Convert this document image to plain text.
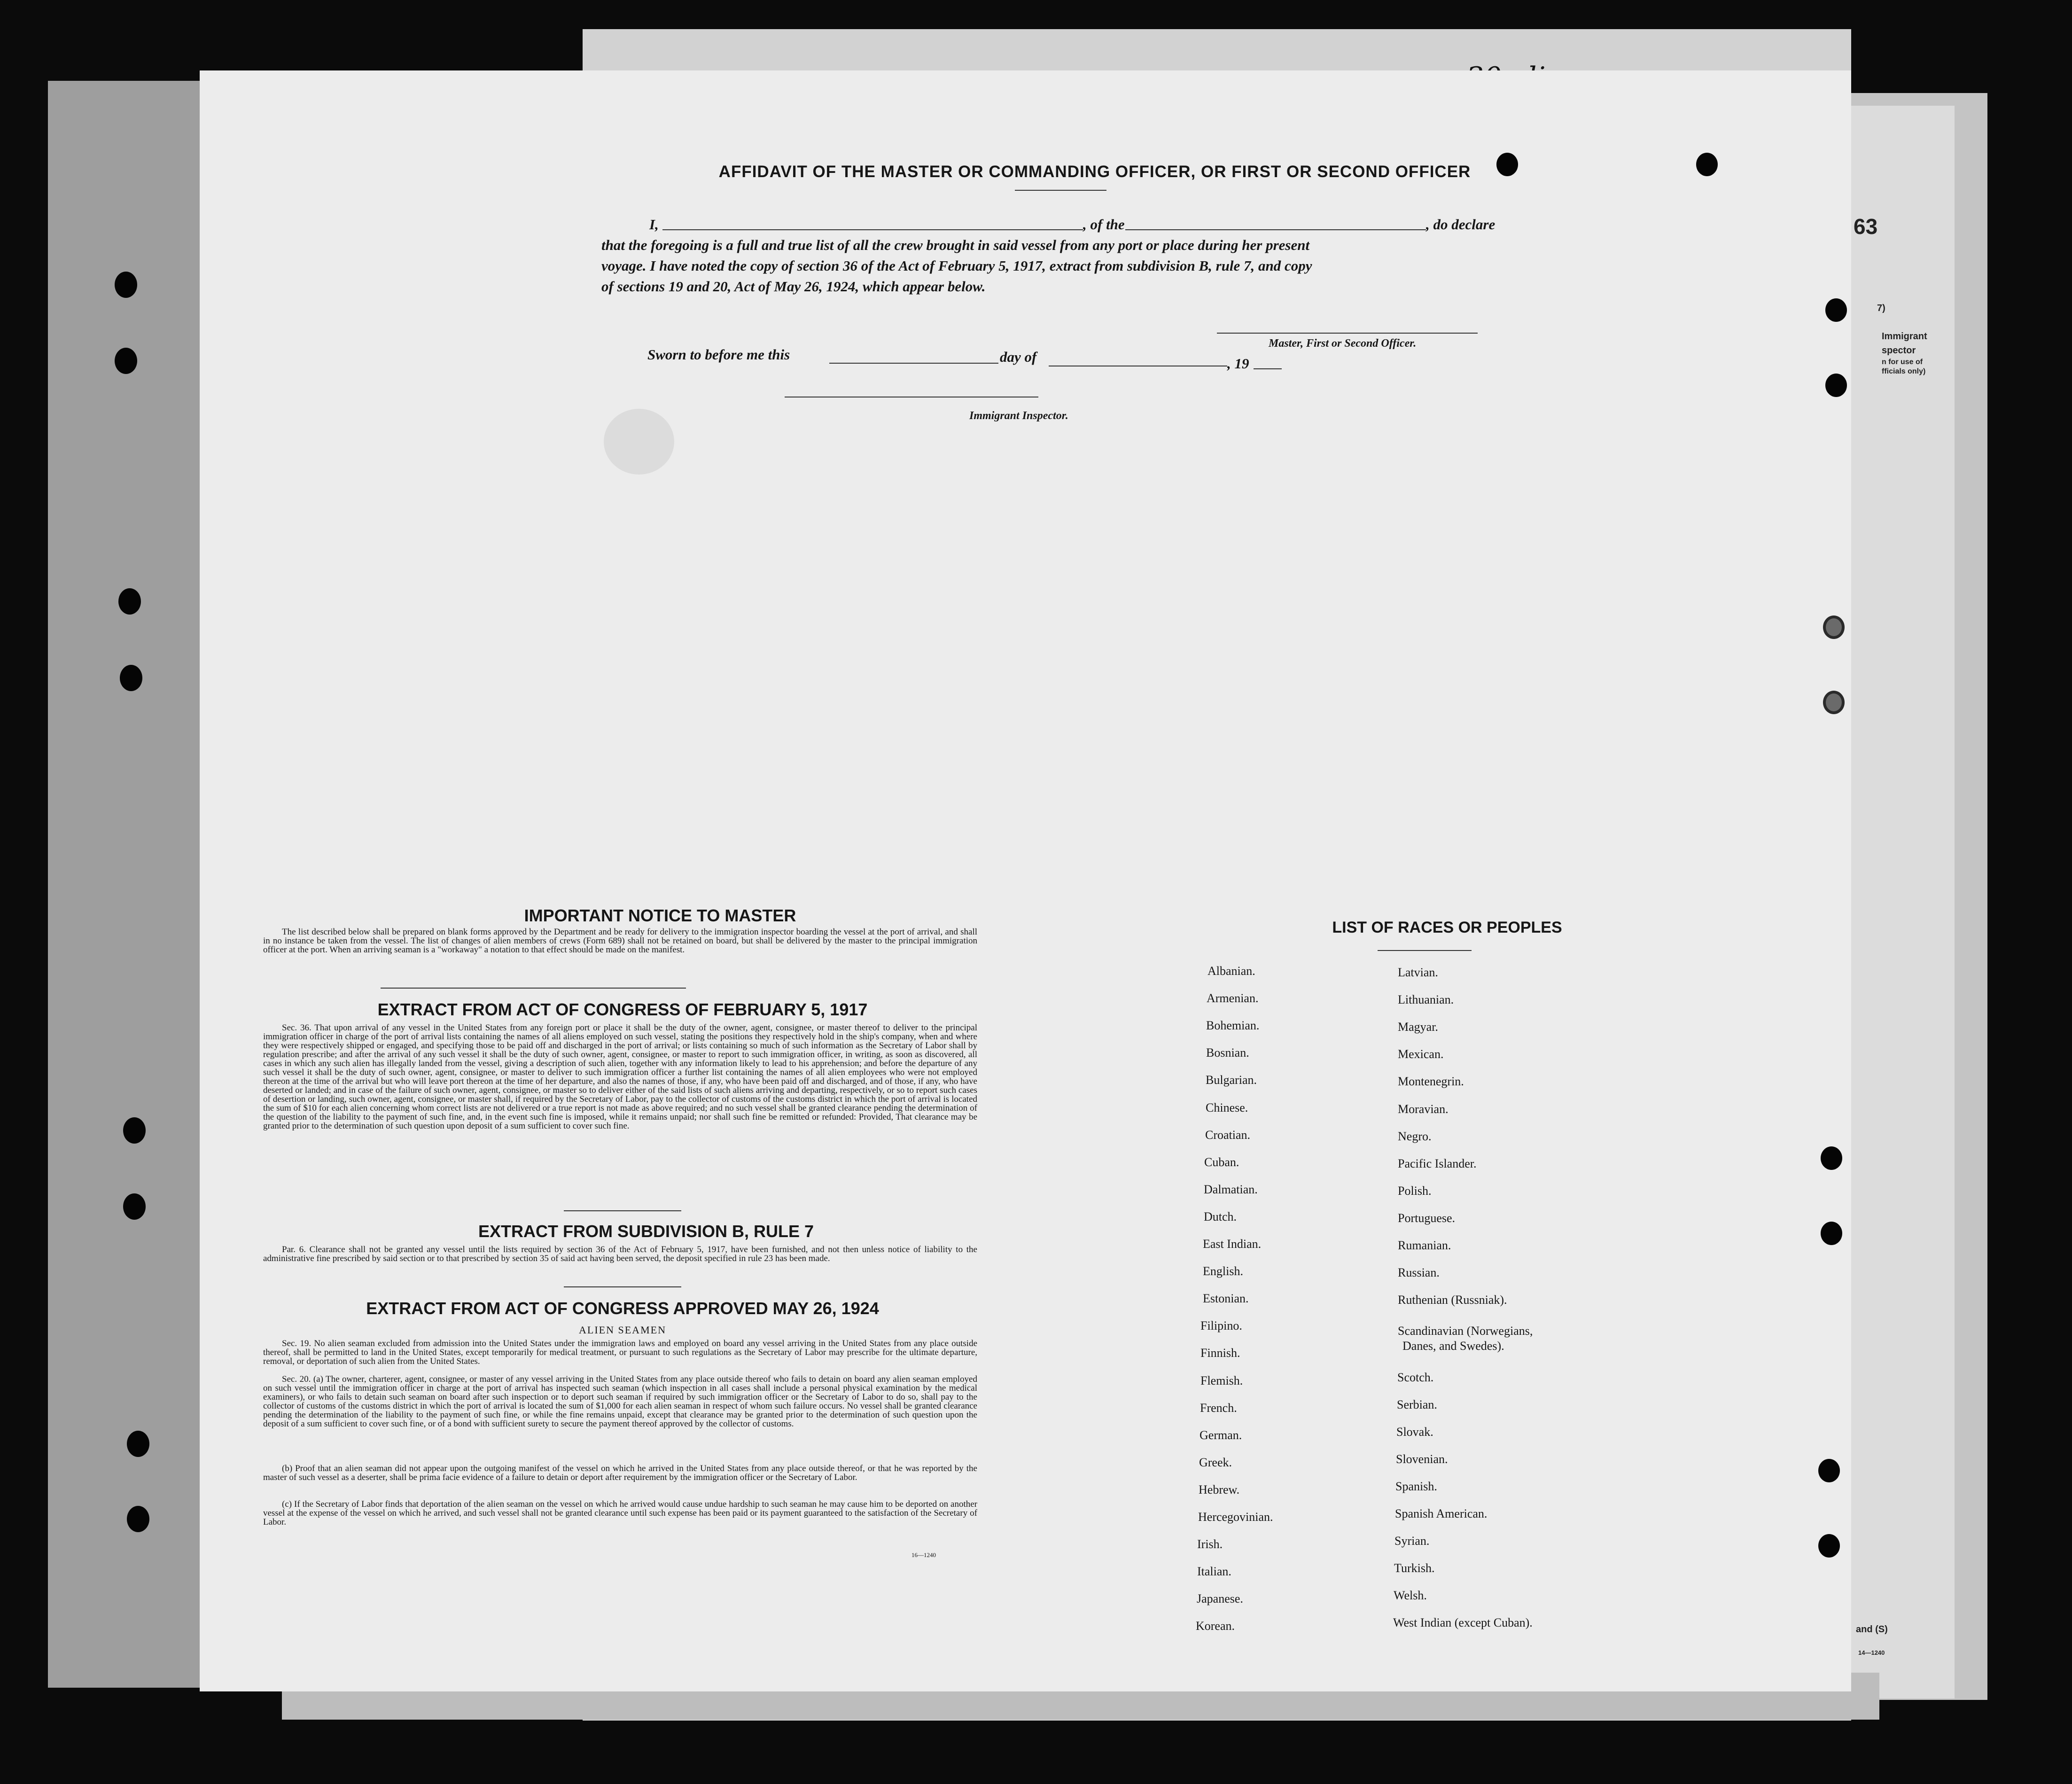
63
7)
Immigrant
spector
n for use of
fficials only)
and (S)
14—1240
AFFIDAVIT OF THE MASTER OR COMMANDING OFFICER, OR FIRST OR SECOND OFFICER
I,	, of the	, do declare
that the foregoing is a full and true list of all the crew brought in said vessel from any port or place during her present
voyage. I have noted the copy of section 36 of the Act of February 5, 1917, extract from subdivision B, rule 7, and copy
of sections 19 and 20, Act of May 26, 1924, which appear below.
Master, First or Second Officer.
Sworn to before me this	day of	, 19
Immigrant Inspector.
IMPORTANT NOTICE TO MASTER
The list described below shall be prepared on blank forms approved by the Department and be ready for delivery to the immigration inspector boarding the vessel at the port of arrival, and shall in no instance be taken from the vessel. The list of changes of alien members of crews (Form 689) shall not be retained on board, but shall be delivered by the master to the principal immigration officer at the port. When an arriving seaman is a "workaway" a notation to that effect should be made on the manifest.
EXTRACT FROM ACT OF CONGRESS OF FEBRUARY 5, 1917
Sec. 36. That upon arrival of any vessel in the United States from any foreign port or place it shall be the duty of the owner, agent, consignee, or master thereof to deliver to the principal immigration officer in charge of the port of arrival lists containing the names of all aliens employed on such vessel, stating the positions they respectively hold in the ship's company, when and where they were respectively shipped or engaged, and specifying those to be paid off and discharged in the port of arrival; or lists containing so much of such information as the Secretary of Labor shall by regulation prescribe; and after the arrival of any such vessel it shall be the duty of such owner, agent, consignee, or master to report to such immigration officer, in writing, as soon as discovered, all cases in which any such alien has illegally landed from the vessel, giving a description of such alien, together with any information likely to lead to his apprehension; and before the departure of any such vessel it shall be the duty of such owner, agent, consignee, or master to deliver to such immigration officer a further list containing the names of all alien employees who were not employed thereon at the time of the arrival but who will leave port thereon at the time of her departure, and also the names of those, if any, who have been paid off and discharged, and of those, if any, who have deserted or landed; and in case of the failure of such owner, agent, consignee, or master so to deliver either of the said lists of such aliens arriving and departing, respectively, or so to report such cases of desertion or landing, such owner, agent, consignee, or master shall, if required by the Secretary of Labor, pay to the collector of customs of the customs district in which the port of arrival is located the sum of $10 for each alien concerning whom correct lists are not delivered or a true report is not made as above required; and no such vessel shall be granted clearance pending the determination of the question of the liability to the payment of such fine, and, in the event such fine is imposed, while it remains unpaid; nor shall such fine be remitted or refunded: Provided, That clearance may be granted prior to the determination of such question upon deposit of a sum sufficient to cover such fine.
EXTRACT FROM SUBDIVISION B, RULE 7
Par. 6. Clearance shall not be granted any vessel until the lists required by section 36 of the Act of February 5, 1917, have been furnished, and not then unless notice of liability to the administrative fine prescribed by said section or to that prescribed by section 35 of said act having been served, the deposit specified in rule 23 has been made.
EXTRACT FROM ACT OF CONGRESS APPROVED MAY 26, 1924
ALIEN SEAMEN
Sec. 19. No alien seaman excluded from admission into the United States under the immigration laws and employed on board any vessel arriving in the United States from any place outside thereof, shall be permitted to land in the United States, except temporarily for medical treatment, or pursuant to such regulations as the Secretary of Labor may prescribe for the ultimate departure, removal, or deportation of such alien from the United States.
Sec. 20. (a) The owner, charterer, agent, consignee, or master of any vessel arriving in the United States from any place outside thereof who fails to detain on board any alien seaman employed on such vessel until the immigration officer in charge at the port of arrival has inspected such seaman (which inspection in all cases shall include a personal physical examination by the medical examiners), or who fails to detain such seaman on board after such inspection or to deport such seaman if required by such immigration officer or the Secretary of Labor to do so, shall pay to the collector of customs of the customs district in which the port of arrival is located the sum of $1,000 for each alien seaman in respect of whom such failure occurs. No vessel shall be granted clearance pending the determination of the liability to the payment of such fine, or while the fine remains unpaid, except that clearance may be granted prior to the determination of such question upon the deposit of a sum sufficient to cover such fine, or of a bond with sufficient surety to secure the payment thereof approved by the collector of customs.
(b) Proof that an alien seaman did not appear upon the outgoing manifest of the vessel on which he arrived in the United States from any place outside thereof, or that he was reported by the master of such vessel as a deserter, shall be prima facie evidence of a failure to detain or deport after requirement by the immigration officer or the Secretary of Labor.
(c) If the Secretary of Labor finds that deportation of the alien seaman on the vessel on which he arrived would cause undue hardship to such seaman he may cause him to be deported on another vessel at the expense of the vessel on which he arrived, and such vessel shall not be granted clearance until such expense has been paid or its payment guaranteed to the satisfaction of the Secretary of Labor.
16—1240
LIST OF RACES OR PEOPLES
Albanian.
Armenian.
Bohemian.
Bosnian.
Bulgarian.
Chinese.
Croatian.
Cuban.
Dalmatian.
Dutch.
East Indian.
English.
Estonian.
Filipino.
Finnish.
Flemish.
French.
German.
Greek.
Hebrew.
Hercegovinian.
Irish.
Italian.
Japanese.
Korean.
Latvian.
Lithuanian.
Magyar.
Mexican.
Montenegrin.
Moravian.
Negro.
Pacific Islander.
Polish.
Portuguese.
Rumanian.
Russian.
Ruthenian (Russniak).
Scandinavian (Norwegians,
Danes, and Swedes).
Scotch.
Serbian.
Slovak.
Slovenian.
Spanish.
Spanish American.
Syrian.
Turkish.
Welsh.
West Indian (except Cuban).
